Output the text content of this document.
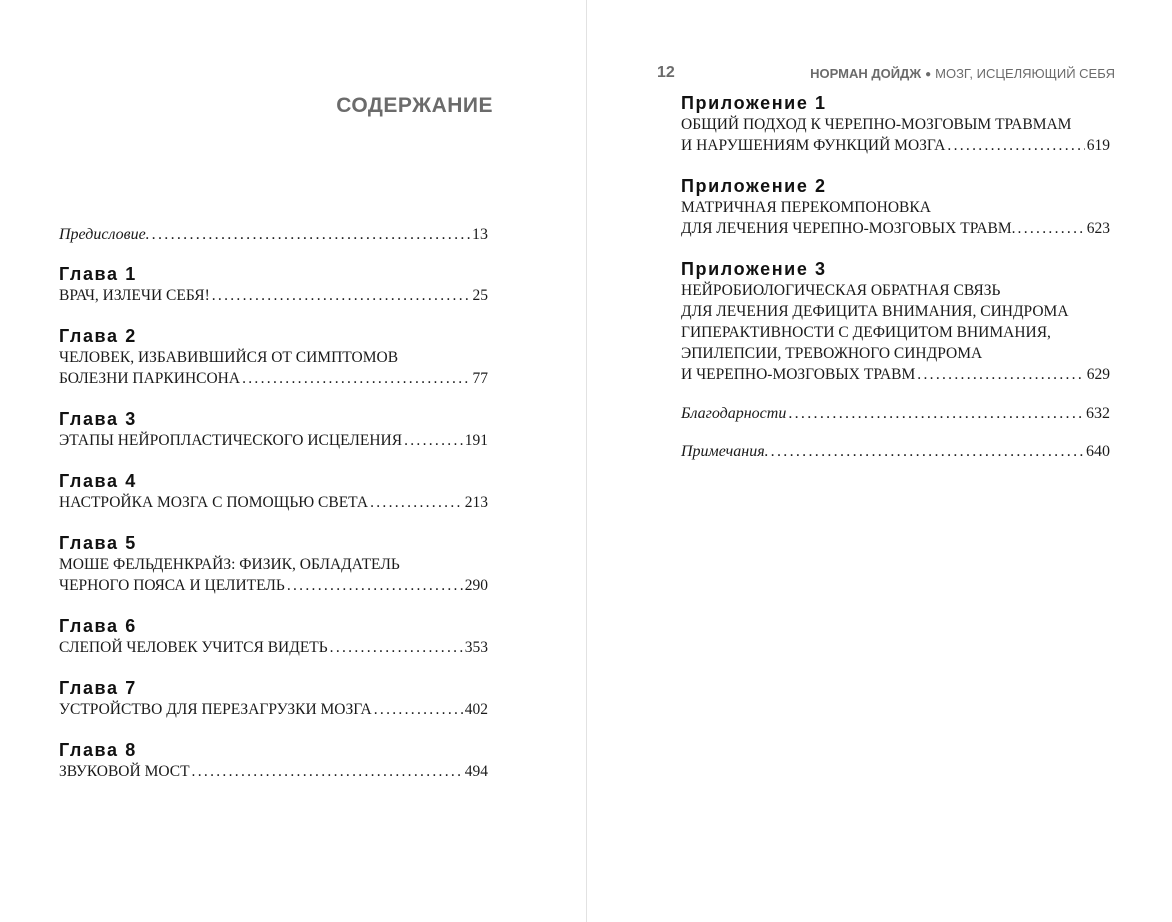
СОДЕРЖАНИЕ
Предисловие. .....	13
Глава 1
ВРАЧ, ИЗЛЕЧИ СЕБЯ! .....	25
Глава 2
ЧЕЛОВЕК, ИЗБАВИВШИЙСЯ ОТ СИМПТОМОВ
БОЛЕЗНИ ПАРКИНСОНА .....	77
Глава 3
ЭТАПЫ НЕЙРОПЛАСТИЧЕСКОГО ИСЦЕЛЕНИЯ .....	191
Глава 4
НАСТРОЙКА МОЗГА С ПОМОЩЬЮ СВЕТА .....	213
Глава 5
МОШЕ ФЕЛЬДЕНКРАЙЗ: ФИЗИК, ОБЛАДАТЕЛЬ
ЧЕРНОГО ПОЯСА И ЦЕЛИТЕЛЬ .....	290
Глава 6
СЛЕПОЙ ЧЕЛОВЕК УЧИТСЯ ВИДЕТЬ .....	353
Глава 7
УСТРОЙСТВО ДЛЯ ПЕРЕЗАГРУЗКИ МОЗГА .....	402
Глава 8
ЗВУКОВОЙ МОСТ .....	494
12	НОРМАН ДОЙДЖ ● МОЗГ, ИСЦЕЛЯЮЩИЙ СЕБЯ
Приложение 1
ОБЩИЙ ПОДХОД К ЧЕРЕПНО-МОЗГОВЫМ ТРАВМАМ
И НАРУШЕНИЯМ ФУНКЦИЙ МОЗГА .....	619
Приложение 2
МАТРИЧНАЯ ПЕРЕКОМПОНОВКА
ДЛЯ ЛЕЧЕНИЯ ЧЕРЕПНО-МОЗГОВЫХ ТРАВМ. .....	623
Приложение 3
НЕЙРОБИОЛОГИЧЕСКАЯ ОБРАТНАЯ СВЯЗЬ
ДЛЯ ЛЕЧЕНИЯ ДЕФИЦИТА ВНИМАНИЯ, СИНДРОМА
ГИПЕРАКТИВНОСТИ С ДЕФИЦИТОМ ВНИМАНИЯ,
ЭПИЛЕПСИИ, ТРЕВОЖНОГО СИНДРОМА
И ЧЕРЕПНО-МОЗГОВЫХ ТРАВМ .....	629
Благодарности .....	632
Примечания. .....	640
